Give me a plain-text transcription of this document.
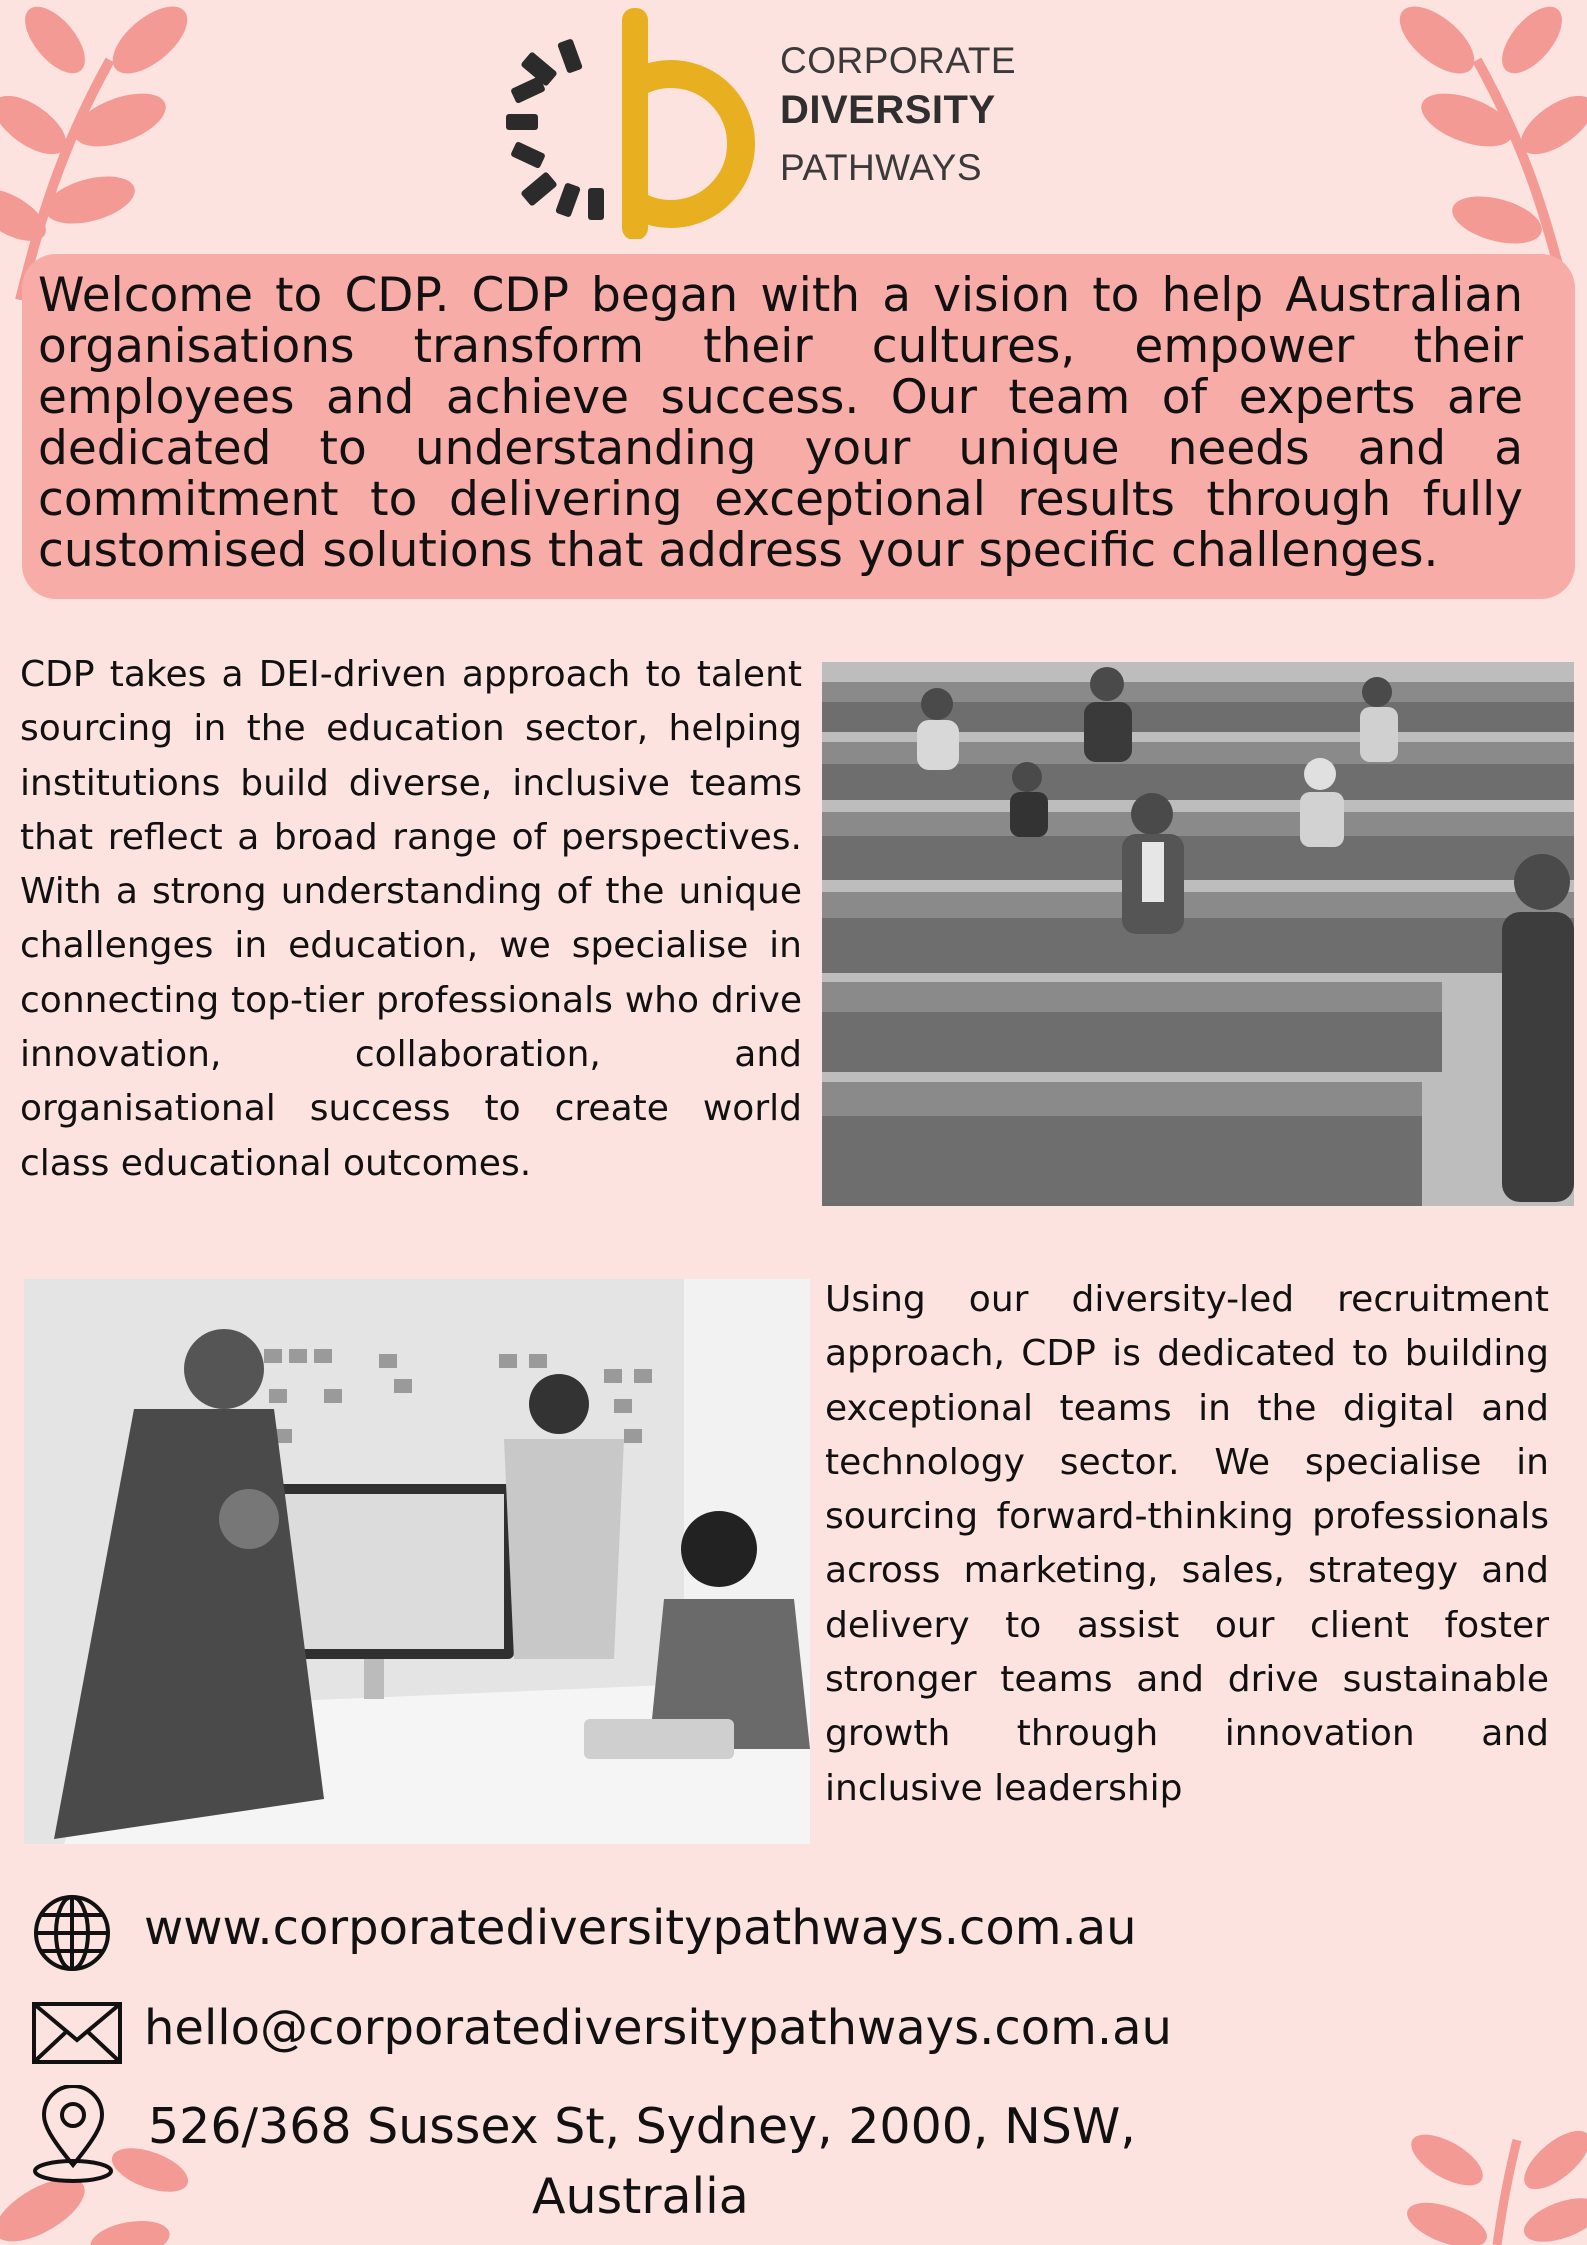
CORPORATE
DIVERSITY
PATHWAYS
Welcome to CDP. CDP began with a vision to help Australian organisations transform their cultures, empower their employees and achieve success. Our team of experts are dedicated to understanding your unique needs and a commitment to delivering exceptional results through fully customised solutions that address your specific challenges.
CDP takes a DEI-driven approach to talent sourcing in the education sector, helping institutions build diverse, inclusive teams that reflect a broad range of perspectives. With a strong understanding of the unique challenges in education, we specialise in connecting top-tier professionals who drive innovation, collaboration, and organisational success to create world class educational outcomes.
Using our diversity-led recruitment approach, CDP is dedicated to building exceptional teams in the digital and technology sector. We specialise in sourcing forward-thinking professionals across marketing, sales, strategy and delivery to assist our client foster stronger teams and drive sustainable growth through innovation and inclusive leadership
www.corporatediversitypathways.com.au
hello@corporatediversitypathways.com.au
526/368 Sussex St, Sydney, 2000, NSW,
Australia
